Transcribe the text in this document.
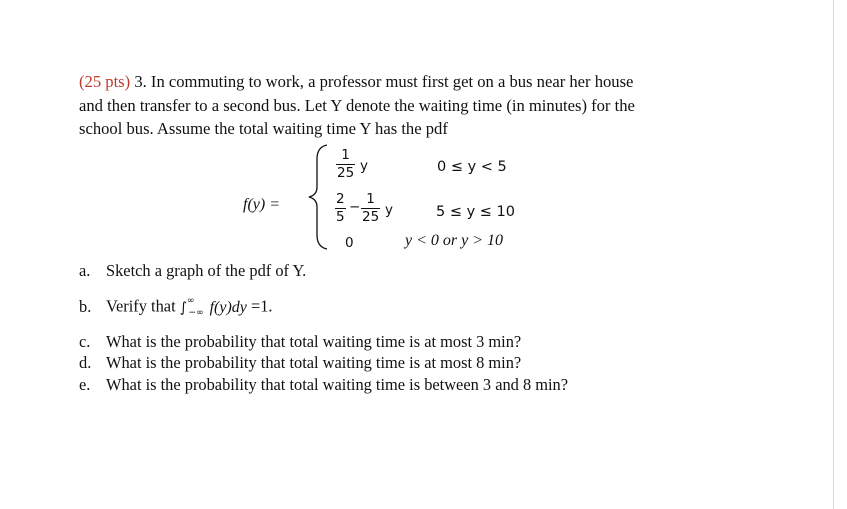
(25 pts) 3. In commuting to work, a professor must first get on a bus near her house
and then transfer to a second bus. Let Y denote the waiting time (in minutes) for the
school bus. Assume the total waiting time Y has the pdf
f(y) =
$\frac{1}{25}$ y	0 ≤ y < 5
$\frac{2}{5} - \frac{1}{25}$ y	5 ≤ y ≤ 10
0	y < 0 or y > 10
a. Sketch a graph of the pdf of Y.
b. Verify that $\int^\infty_{-\infty}$ f(y)dy =1.
c. What is the probability that total waiting time is at most 3 min?
d. What is the probability that total waiting time is at most 8 min?
e. What is the probability that total waiting time is between 3 and 8 min?
